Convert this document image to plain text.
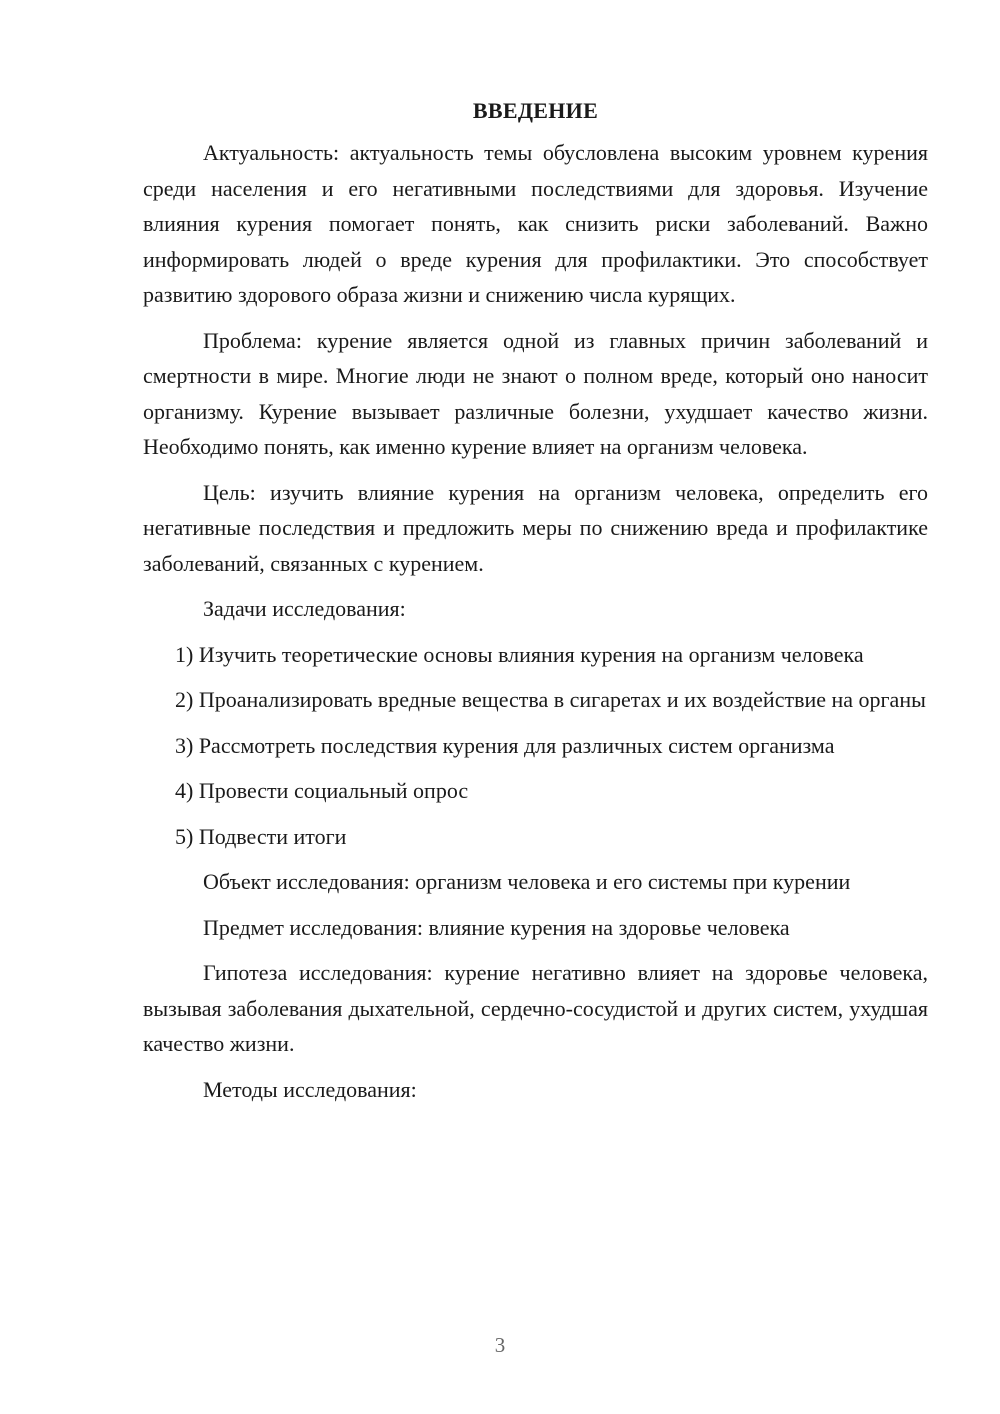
ВВЕДЕНИЕ

Актуальность: актуальность темы обусловлена высоким уровнем курения среди населения и его негативными последствиями для здоровья. Изучение влияния курения помогает понять, как снизить риски заболеваний. Важно информировать людей о вреде курения для профилактики. Это способствует развитию здорового образа жизни и снижению числа курящих.

Проблема: курение является одной из главных причин заболеваний и смертности в мире. Многие люди не знают о полном вреде, который оно наносит организму. Курение вызывает различные болезни, ухудшает качество жизни. Необходимо понять, как именно курение влияет на организм человека.

Цель: изучить влияние курения на организм человека, определить его негативные последствия и предложить меры по снижению вреда и профилактике заболеваний, связанных с курением.

Задачи исследования:

1) Изучить теоретические основы влияния курения на организм человека

2) Проанализировать вредные вещества в сигаретах и их воздействие на органы

3) Рассмотреть последствия курения для различных систем организма

4) Провести социальный опрос

5) Подвести итоги

Объект исследования: организм человека и его системы при курении

Предмет исследования: влияние курения на здоровье человека

Гипотеза исследования: курение негативно влияет на здоровье человека, вызывая заболевания дыхательной, сердечно-сосудистой и других систем, ухудшая качество жизни.

Методы исследования:

3
